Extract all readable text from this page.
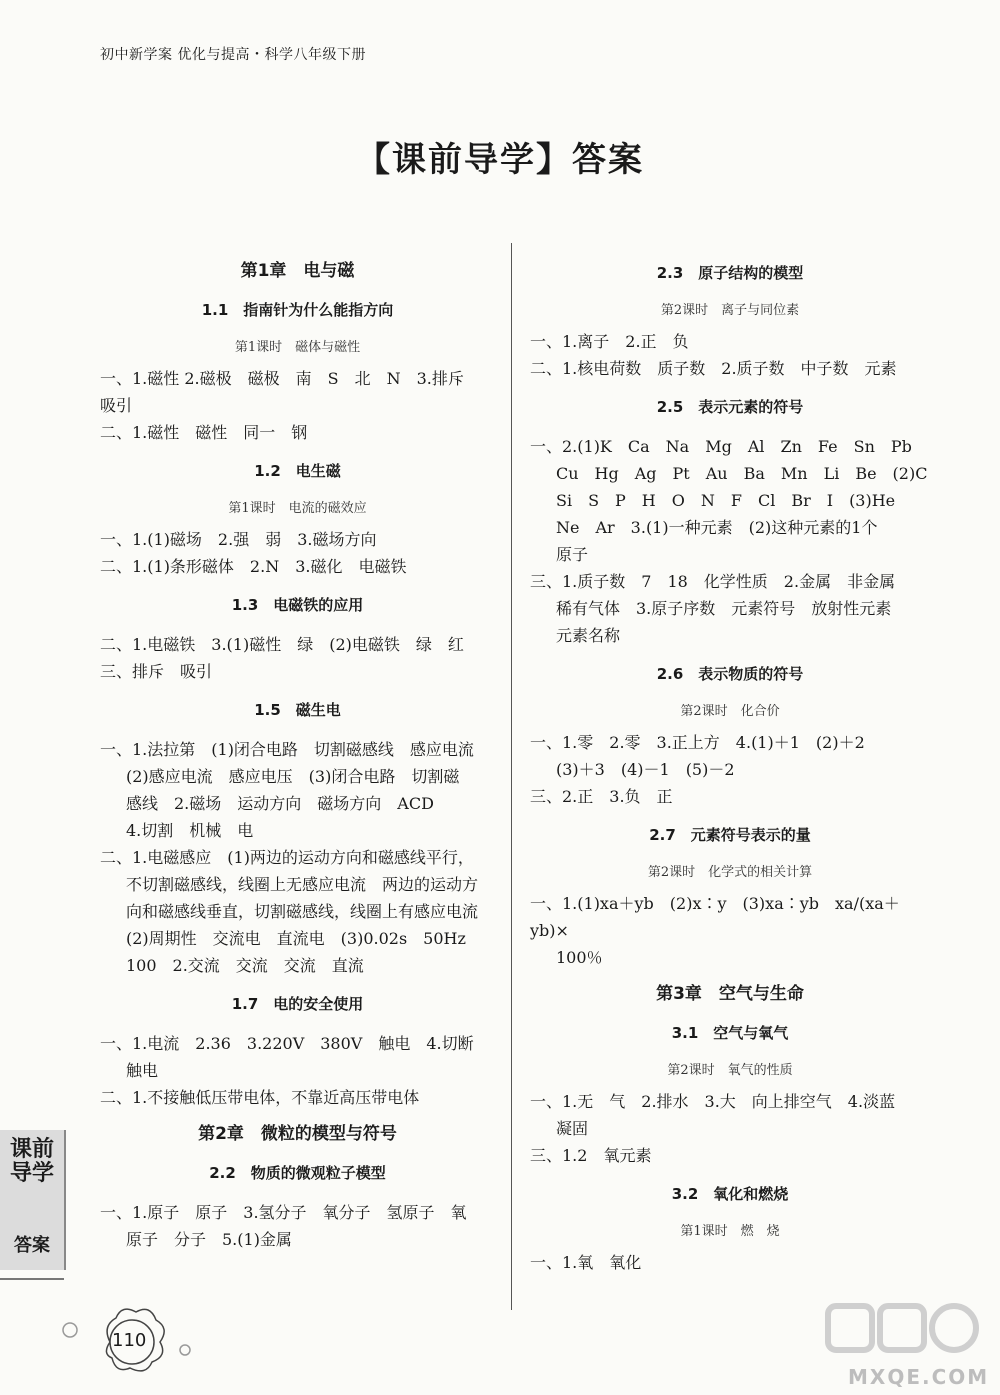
初中新学案 优化与提高・科学八年级下册
【课前导学】答案
第1章　电与磁
1.1　指南针为什么能指方向
第1课时　磁体与磁性
一、1.磁性 2.磁极　磁极　南　S　北　N　3.排斥　吸引
二、1.磁性　磁性　同一　钢
1.2　电生磁
第1课时　电流的磁效应
一、1.(1)磁场　2.强　弱　3.磁场方向
二、1.(1)条形磁体　2.N　3.磁化　电磁铁
1.3　电磁铁的应用
二、1.电磁铁　3.(1)磁性　绿　(2)电磁铁　绿　红
三、排斥　吸引
1.5　磁生电
一、1.法拉第　(1)闭合电路　切割磁感线　感应电流
(2)感应电流　感应电压　(3)闭合电路　切割磁
感线　2.磁场　运动方向　磁场方向　ACD
4.切割　机械　电
二、1.电磁感应　(1)两边的运动方向和磁感线平行，
不切割磁感线，线圈上无感应电流　两边的运动方
向和磁感线垂直，切割磁感线，线圈上有感应电流
(2)周期性　交流电　直流电　(3)0.02s　50Hz
100　2.交流　交流　交流　直流
1.7　电的安全使用
一、1.电流　2.36　3.220V　380V　触电　4.切断
触电
二、1.不接触低压带电体，不靠近高压带电体
第2章　微粒的模型与符号
2.2　物质的微观粒子模型
一、1.原子　原子　3.氢分子　氧分子　氢原子　氧
原子　分子　5.(1)金属
2.3　原子结构的模型
第2课时　离子与同位素
一、1.离子　2.正　负
二、1.核电荷数　质子数　2.质子数　中子数　元素
2.5　表示元素的符号
一、2.(1)K　Ca　Na　Mg　Al　Zn　Fe　Sn　Pb
Cu　Hg　Ag　Pt　Au　Ba　Mn　Li　Be　(2)C
Si　S　P　H　O　N　F　Cl　Br　I　(3)He
Ne　Ar　3.(1)一种元素　(2)这种元素的1个
原子
三、1.质子数　7　18　化学性质　2.金属　非金属
稀有气体　3.原子序数　元素符号　放射性元素
元素名称
2.6　表示物质的符号
第2课时　化合价
一、1.零　2.零　3.正上方　4.(1)＋1　(2)＋2
(3)＋3　(4)－1　(5)－2
三、2.正　3.负　正
2.7　元素符号表示的量
第2课时　化学式的相关计算
一、1.(1)xa＋yb　(2)x∶y　(3)xa∶yb　xa/(xa＋yb)×
100％
第3章　空气与生命
3.1　空气与氧气
第2课时　氧气的性质
一、1.无　气　2.排水　3.大　向上排空气　4.淡蓝
凝固
三、1.2　氧元素
3.2　氧化和燃烧
第1课时　燃　烧
一、1.氧　氧化
课前导学
答案
110
MXQE.COM
